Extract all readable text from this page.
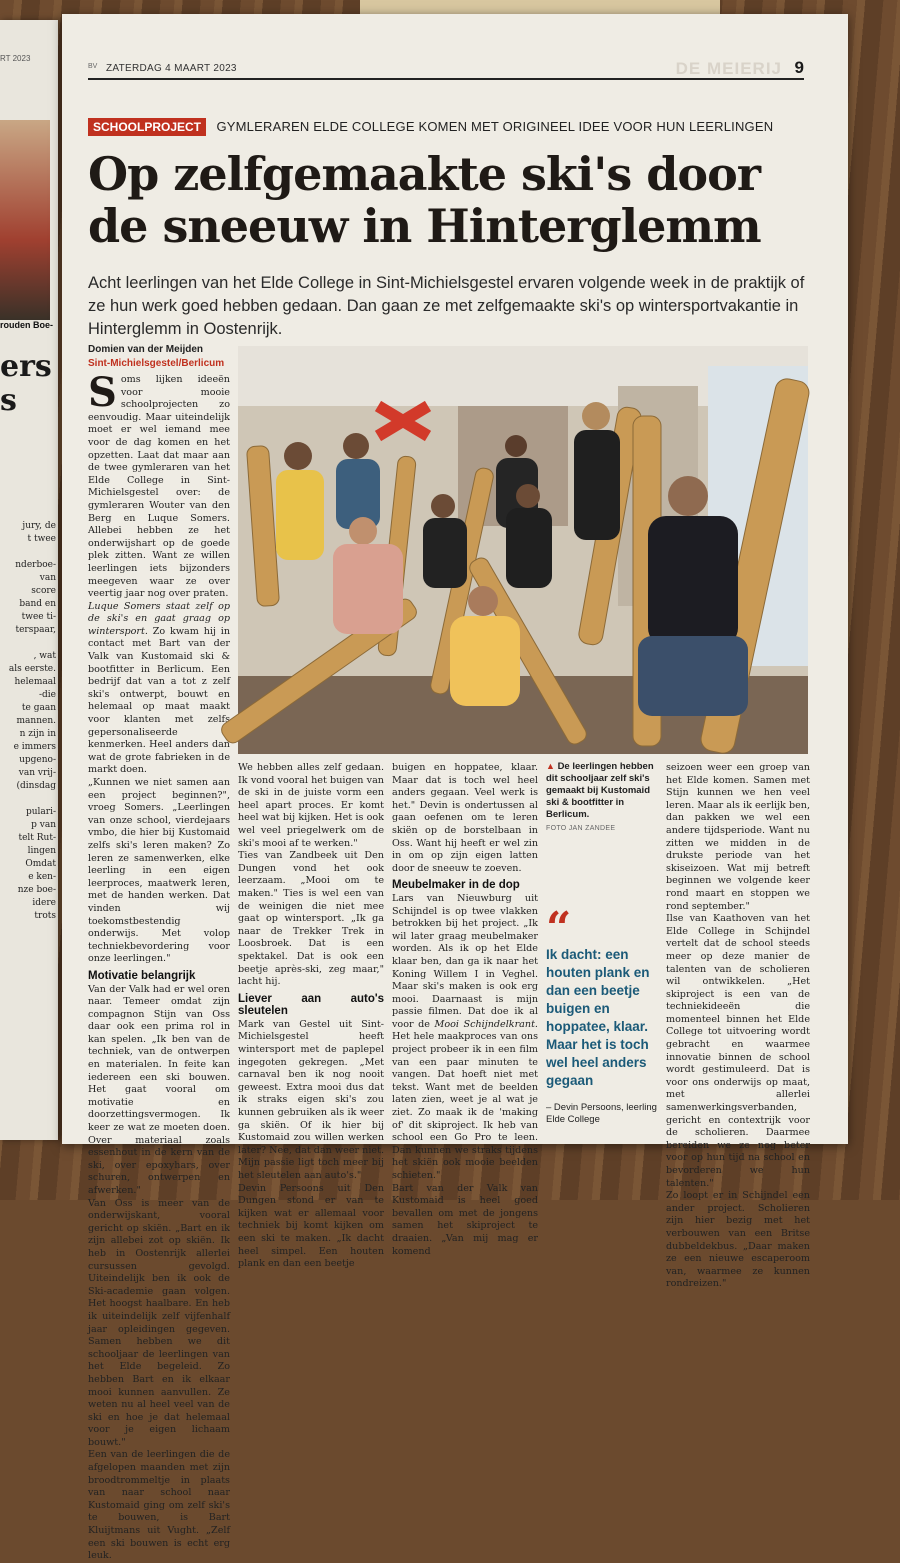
RT 2023
rouden Boe-
ers
s
jury, de
t twee

nderboe-
van
score
band en
twee ti-
terspaar,

, wat
als eerste.
helemaal
-die
te gaan
mannen.
n zijn in
e immers
upgeno-
van vrij-
(dinsdag

pulari-
p van
telt Rut-
lingen
Omdat
e ken-
nze boe-
idere
trots
BV ZATERDAG 4 MAART 2023	DE MEIERIJ 9
SCHOOLPROJECT GYMLERAREN ELDE COLLEGE KOMEN MET ORIGINEEL IDEE VOOR HUN LEERLINGEN
Op zelfgemaakte ski's door de sneeuw in Hinterglemm

Acht leerlingen van het Elde College in Sint-Michielsgestel ervaren volgende week in de praktijk of ze hun werk goed hebben gedaan. Dan gaan ze met zelfgemaakte ski's op wintersportvakantie in Hinterglemm in Oostenrijk.

Domien van der Meijden
Sint-Michielsgestel/Berlicum
S oms lijken ideeën voor mooie schoolprojecten zo eenvoudig. Maar uiteindelijk moet er wel iemand mee voor de dag komen en het opzetten. Laat dat maar aan de twee gymleraren van het Elde College in Sint-Michielsgestel over: de gymleraren Wouter van den Berg en Luque Somers. Allebei hebben ze het onderwijshart op de goede plek zitten. Want ze willen leerlingen iets bijzonders meegeven waar ze over veertig jaar nog over praten.

Luque Somers staat zelf op de ski's en gaat graag op wintersport. Zo kwam hij in contact met Bart van der Valk van Kustomaid ski & bootfitter in Berlicum. Een bedrijf dat van a tot z zelf ski's ontwerpt, bouwt en helemaal op maat maakt voor klanten met zelfs gepersonaliseerde kenmerken. Heel anders dan wat de grote fabrieken in de markt doen.

„Kunnen we niet samen aan een project beginnen?", vroeg Somers. „Leerlingen van onze school, vierdejaars vmbo, die hier bij Kustomaid zelfs ski's leren maken? Zo leren ze samenwerken, elke leerling in een eigen leerproces, maatwerk leren, met de handen werken. Dat vinden wij toekomstbestendig onderwijs. Met volop techniekbevordering voor onze leerlingen."

Motivatie belangrijk

Van der Valk had er wel oren naar. Temeer omdat zijn compagnon Stijn van Oss daar ook een prima rol in kan spelen. „Ik ben van de techniek, van de ontwerpen en materialen. In feite kan iedereen een ski bouwen. Het gaat vooral om motivatie en doorzettingsvermogen. Ik keer ze wat ze moeten doen. Over materiaal zoals essenhout in de kern van de ski, over epoxyhars, over schuren, ontwerpen en afwerken."

Van Oss is meer van de onderwijskant, vooral gericht op skiën. „Bart en ik zijn allebei zot op skiën. Ik heb in Oostenrijk allerlei cursussen gevolgd. Uiteindelijk ben ik ook de Ski-academie gaan volgen. Het hoogst haalbare. En heb ik uiteindelijk zelf vijfenhalf jaar opleidingen gegeven. Samen hebben we dit schooljaar de leerlingen van het Elde begeleid. Zo hebben Bart en ik elkaar mooi kunnen aanvullen. Ze weten nu al heel veel van de ski en hoe je dat helemaal voor je eigen lichaam bouwt."

Een van de leerlingen die de afgelopen maanden met zijn broodtrommeltje in plaats van naar school naar Kustomaid ging om zelf ski's te bouwen, is Bart Kluijtmans uit Vught. „Zelf een ski bouwen is echt erg leuk.

We hebben alles zelf gedaan. Ik vond vooral het buigen van de ski in de juiste vorm een heel apart proces. Er komt heel wat bij kijken. Het is ook wel veel priegelwerk om de ski's mooi af te werken."

Ties van Zandbeek uit Den Dungen vond het ook leerzaam. „Mooi om te maken." Ties is wel een van de weinigen die niet mee gaat op wintersport. „Ik ga naar de Trekker Trek in Loosbroek. Dat is een spektakel. Dat is ook een beetje après-ski, zeg maar," lacht hij.

Liever aan auto's sleutelen

Mark van Gestel uit Sint-Michielsgestel heeft wintersport met de paplepel ingegoten gekregen. „Met carnaval ben ik nog nooit geweest. Extra mooi dus dat ik straks eigen ski's zou kunnen gebruiken als ik weer ga skiën. Of ik hier bij Kustomaid zou willen werken later? Nee, dat dan weer niet. Mijn passie ligt toch meer bij het sleutelen aan auto's."

Devin Persoons uit Den Dungen stond er van te kijken wat er allemaal voor techniek bij komt kijken om een ski te maken. „Ik dacht heel simpel. Een houten plank en dan een beetje

buigen en hoppatee, klaar. Maar dat is toch wel heel anders gegaan. Veel werk is het." Devin is ondertussen al gaan oefenen om te leren skiën op de borstelbaan in Oss. Want hij heeft er wel zin in om op zijn eigen latten door de sneeuw te zoeven.

Meubelmaker in de dop

Lars van Nieuwburg uit Schijndel is op twee vlakken betrokken bij het project. „Ik wil later graag meubelmaker worden. Als ik op het Elde klaar ben, dan ga ik naar het Koning Willem I in Veghel. Maar ski's maken is ook erg mooi. Daarnaast is mijn passie filmen. Dat doe ik al voor de Mooi Schijndelkrant. Het hele maakproces van ons project probeer ik in een film van een paar minuten te vangen. Dat hoeft niet met tekst. Want met de beelden laten zien, weet je al wat je ziet. Zo maak ik de 'making of' dit skiproject. Ik heb van school een Go Pro te leen. Dan kunnen we straks tijdens het skiën ook mooie beelden schieten."

Bart van der Valk van Kustomaid is heel goed bevallen om met de jongens samen het skiproject te draaien. „Van mij mag er komend

▲ De leerlingen hebben dit schooljaar zelf ski's gemaakt bij Kustomaid ski & bootfitter in Berlicum.
FOTO JAN ZANDEE
“
Ik dacht: een houten plank en dan een beetje buigen en hoppatee, klaar. Maar het is toch wel heel anders gegaan
– Devin Persoons, leerling Elde College

seizoen weer een groep van het Elde komen. Samen met Stijn kunnen we hen veel leren. Maar als ik eerlijk ben, dan pakken we wel een andere tijdsperiode. Want nu zitten we midden in de drukste periode van het skiseizoen. Wat mij betreft beginnen we volgende keer rond maart en stoppen we rond september."

Ilse van Kaathoven van het Elde College in Schijndel vertelt dat de school steeds meer op deze manier de talenten van de scholieren wil ontwikkelen. „Het skiproject is een van de techniekideeën die momenteel binnen het Elde College tot uitvoering wordt gebracht en waarmee innovatie binnen de school wordt gestimuleerd. Dat is voor ons onderwijs op maat, met allerlei samenwerkingsverbanden, gericht en contextrijk voor de scholieren. Daarmee bereiden we ze nog beter voor op hun tijd na school en bevorderen we hun talenten."

Zo loopt er in Schijndel een ander project. Scholieren zijn hier bezig met het verbouwen van een Britse dubbeldekbus. „Daar maken ze een nieuwe escaperoom van, waarmee ze kunnen rondreizen."
